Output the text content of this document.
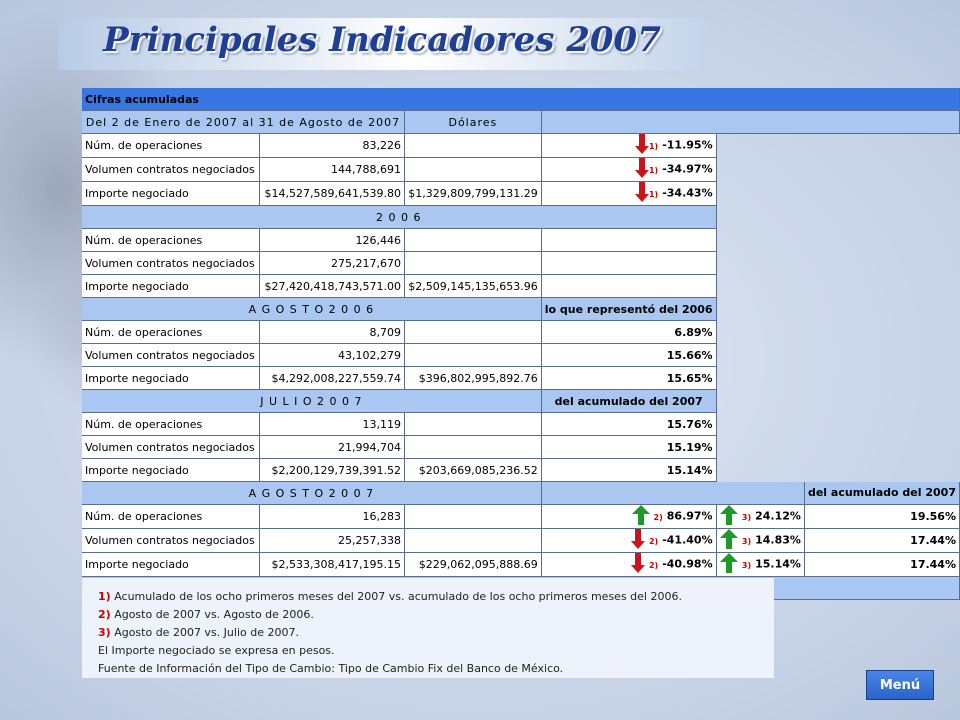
Principales Indicadores 2007
Cifras acumuladas					
Del 2 de Enero de 2007 al 31 de Agosto de 2007		Dólares			
Núm. de operaciones	83,226		1) -11.95%		
Volumen contratos negociados	144,788,691		1) -34.97%		
Importe negociado	$14,527,589,641,539.80	$1,329,809,799,131.29	1) -34.43%		
2 0 0 6					
Núm. de operaciones	126,446				
Volumen contratos negociados	275,217,670				
Importe negociado	$27,420,418,743,571.00	$2,509,145,135,653.96			
A G O S T O 2 0 0 6			lo que representó del 2006		
Núm. de operaciones	8,709		6.89%		
Volumen contratos negociados	43,102,279		15.66%		
Importe negociado	$4,292,008,227,559.74	$396,802,995,892.76	15.65%		
J U L I O 2 0 0 7			del acumulado del 2007		
Núm. de operaciones	13,119		15.76%		
Volumen contratos negociados	21,994,704		15.19%		
Importe negociado	$2,200,129,739,391.52	$203,669,085,236.52	15.14%		
A G O S T O 2 0 0 7					del acumulado del 2007
Núm. de operaciones	16,283		2) 86.97%	3) 24.12%	19.56%
Volumen contratos negociados	25,257,338		2) -41.40%	3) 14.83%	17.44%
Importe negociado	$2,533,308,417,195.15	$229,062,095,888.69	2) -40.98%	3) 15.14%	17.44%

1) Acumulado de los ocho primeros meses del 2007 vs. acumulado de los ocho primeros meses del 2006.
2) Agosto de 2007 vs. Agosto de 2006.
3) Agosto de 2007 vs. Julio de 2007.
El Importe negociado se expresa en pesos.
Fuente de Información del Tipo de Cambio: Tipo de Cambio Fix del Banco de México.
Menú
